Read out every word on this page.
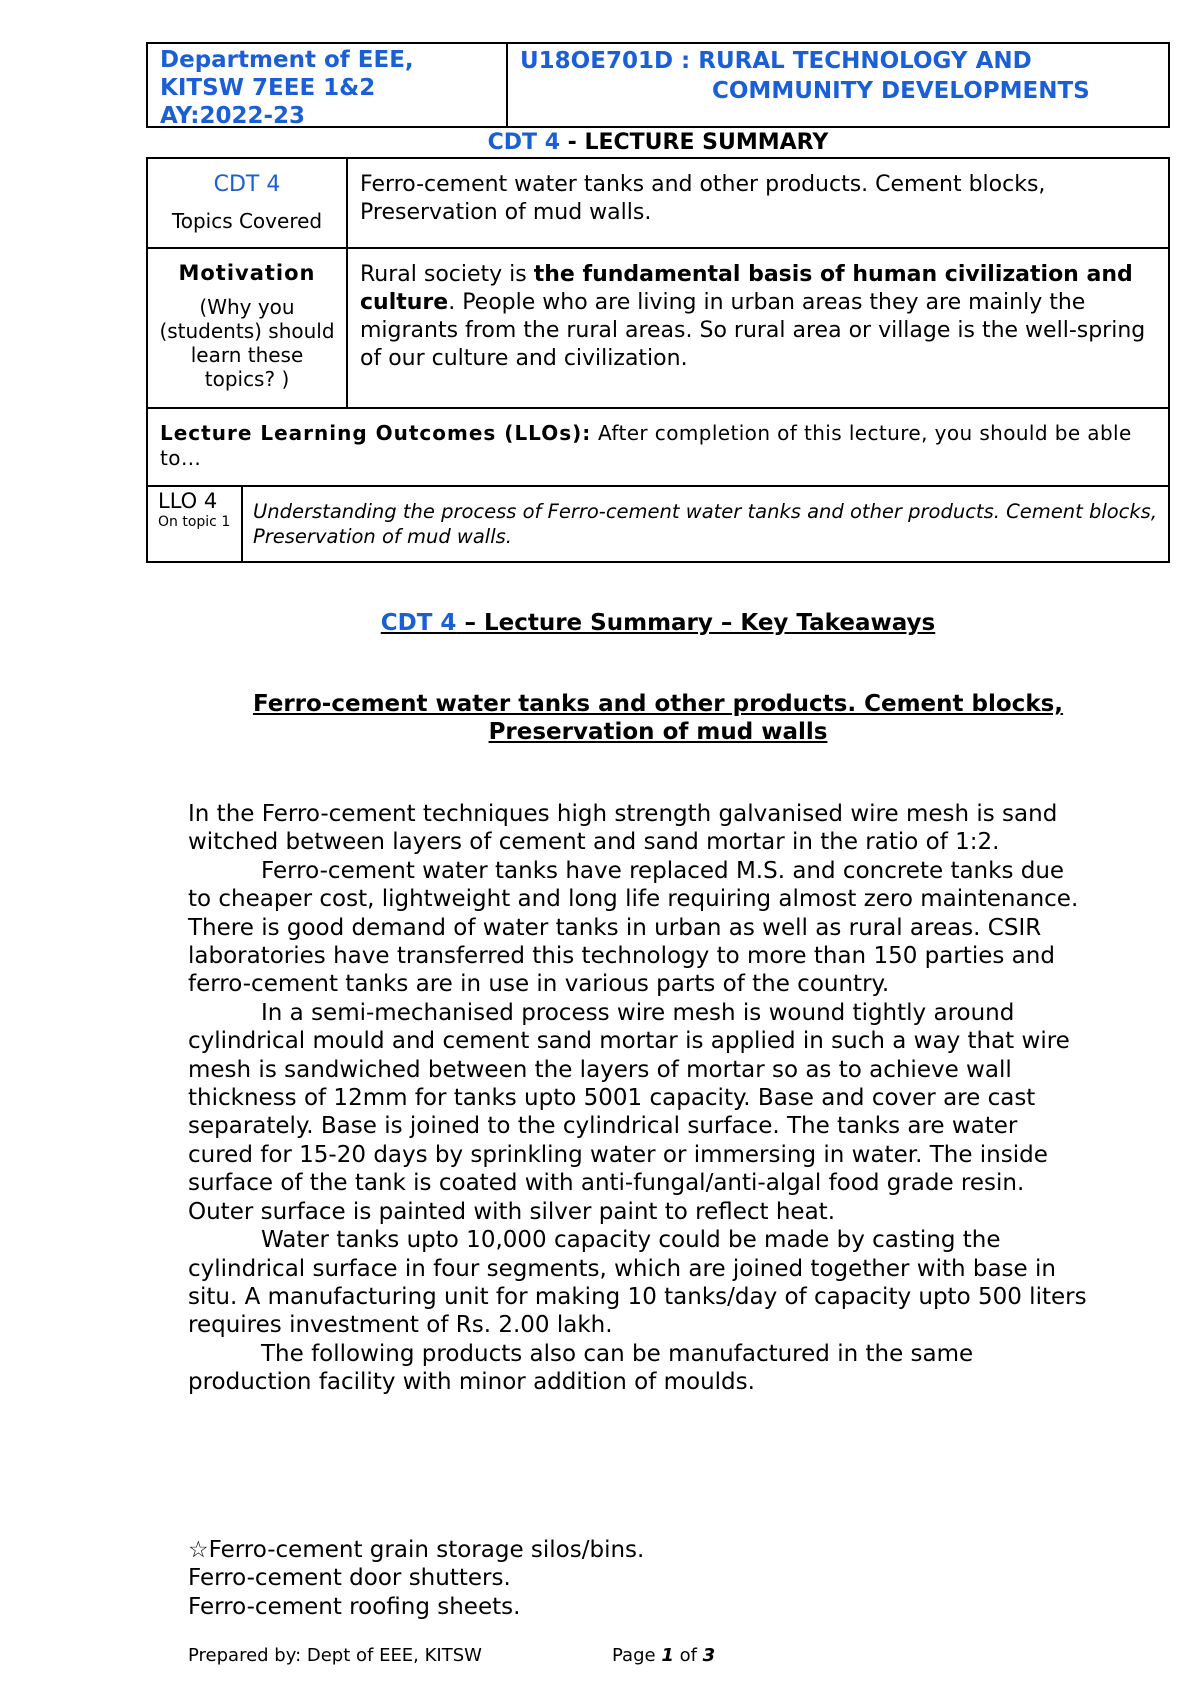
Department of EEE,
KITSW 7EEE 1&2
AY:2022-23
U18OE701D : RURAL TECHNOLOGY AND
COMMUNITY DEVELOPMENTS
CDT 4 - LECTURE SUMMARY
CDT 4
Topics Covered
Ferro-cement water tanks and other products. Cement blocks, Preservation of mud walls.
Motivation
(Why you (students) should learn these topics? )
Rural society is the fundamental basis of human civilization and culture. People who are living in urban areas they are mainly the migrants from the rural areas. So rural area or village is the well-spring of our culture and civilization.
Lecture Learning Outcomes (LLOs): After completion of this lecture, you should be able to…
LLO 4
On topic 1	Understanding the process of Ferro-cement water tanks and other products. Cement blocks, Preservation of mud walls.
CDT 4 – Lecture Summary – Key Takeaways
Ferro-cement water tanks and other products. Cement blocks,
Preservation of mud walls

In the Ferro-cement techniques high strength galvanised wire mesh is sand witched between layers of cement and sand mortar in the ratio of 1:2.

Ferro-cement water tanks have replaced M.S. and concrete tanks due to cheaper cost, lightweight and long life requiring almost zero maintenance. There is good demand of water tanks in urban as well as rural areas. CSIR laboratories have transferred this technology to more than 150 parties and ferro-cement tanks are in use in various parts of the country.

In a semi-mechanised process wire mesh is wound tightly around cylindrical mould and cement sand mortar is applied in such a way that wire mesh is sandwiched between the layers of mortar so as to achieve wall thickness of 12mm for tanks upto 5001 capacity. Base and cover are cast separately. Base is joined to the cylindrical surface. The tanks are water cured for 15-20 days by sprinkling water or immersing in water. The inside surface of the tank is coated with anti-fungal/anti-algal food grade resin. Outer surface is painted with silver paint to reflect heat.

Water tanks upto 10,000 capacity could be made by casting the cylindrical surface in four segments, which are joined together with base in situ. A manufacturing unit for making 10 tanks/day of capacity upto 500 liters requires investment of Rs. 2.00 lakh.

The following products also can be manufactured in the same production facility with minor addition of moulds.

☆Ferro-cement grain storage silos/bins.
Ferro-cement door shutters.
Ferro-cement roofing sheets.
Prepared by: Dept of EEE, KITSW	Page 1 of 3
